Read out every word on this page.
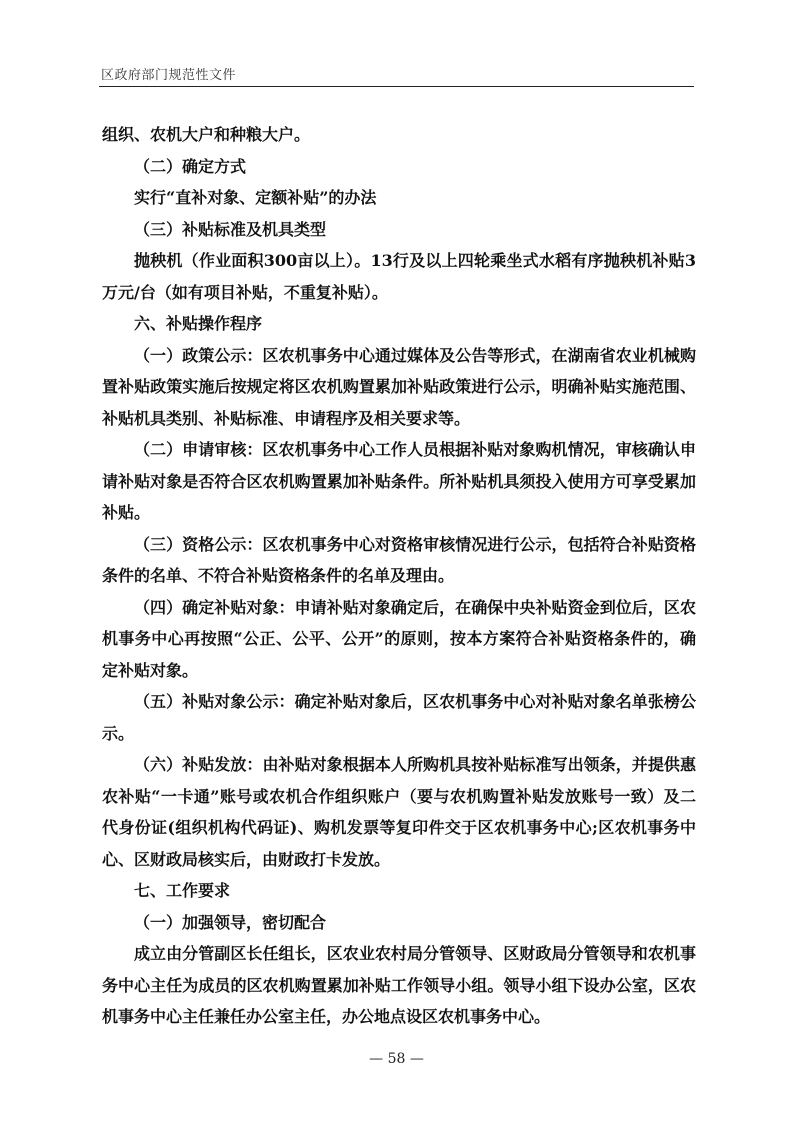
区政府部门规范性文件

组织、农机大户和种粮大户。

（二）确定方式

实行“直补对象、定额补贴”的办法

（三）补贴标准及机具类型

抛秧机（作业面积300亩以上）。13行及以上四轮乘坐式水稻有序抛秧机补贴3万元/台（如有项目补贴，不重复补贴）。

六、补贴操作程序

（一）政策公示：区农机事务中心通过媒体及公告等形式，在湖南省农业机械购置补贴政策实施后按规定将区农机购置累加补贴政策进行公示，明确补贴实施范围、补贴机具类别、补贴标准、申请程序及相关要求等。

（二）申请审核：区农机事务中心工作人员根据补贴对象购机情况，审核确认申请补贴对象是否符合区农机购置累加补贴条件。所补贴机具须投入使用方可享受累加补贴。

（三）资格公示：区农机事务中心对资格审核情况进行公示，包括符合补贴资格条件的名单、不符合补贴资格条件的名单及理由。

（四）确定补贴对象：申请补贴对象确定后，在确保中央补贴资金到位后，区农机事务中心再按照“公正、公平、公开”的原则，按本方案符合补贴资格条件的，确定补贴对象。

（五）补贴对象公示：确定补贴对象后，区农机事务中心对补贴对象名单张榜公示。

（六）补贴发放：由补贴对象根据本人所购机具按补贴标准写出领条，并提供惠农补贴“一卡通”账号或农机合作组织账户（要与农机购置补贴发放账号一致）及二代身份证(组织机构代码证)、购机发票等复印件交于区农机事务中心;区农机事务中心、区财政局核实后，由财政打卡发放。

七、工作要求

（一）加强领导，密切配合

成立由分管副区长任组长，区农业农村局分管领导、区财政局分管领导和农机事务中心主任为成员的区农机购置累加补贴工作领导小组。领导小组下设办公室，区农机事务中心主任兼任办公室主任，办公地点设区农机事务中心。

— 58 —
